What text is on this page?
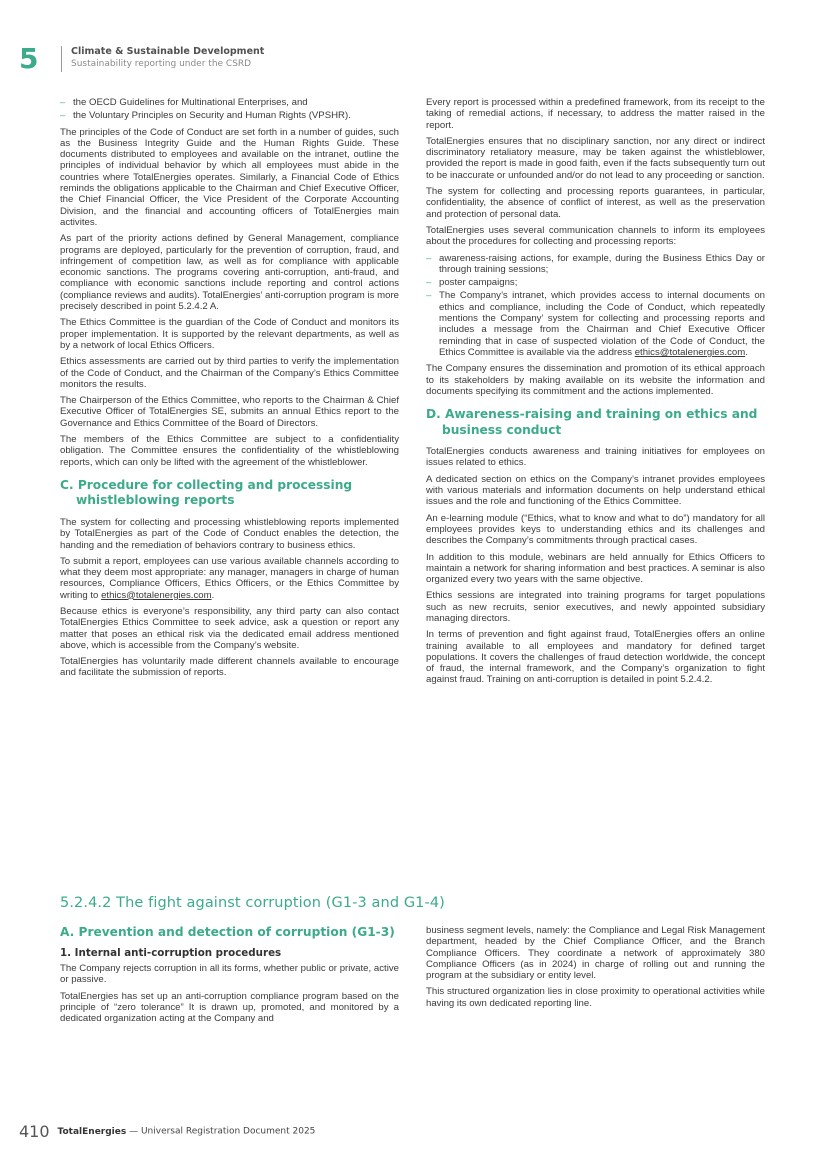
5	Climate & Sustainable Development
Sustainability reporting under the CSRD

– the OECD Guidelines for Multinational Enterprises, and

– the Voluntary Principles on Security and Human Rights (VPSHR).

The principles of the Code of Conduct are set forth in a number of guides, such as the Business Integrity Guide and the Human Rights Guide. These documents distributed to employees and available on the intranet, outline the principles of individual behavior by which all employees must abide in the countries where TotalEnergies operates. Similarly, a Financial Code of Ethics reminds the obligations applicable to the Chairman and Chief Executive Officer, the Chief Financial Officer, the Vice President of the Corporate Accounting Division, and the financial and accounting officers of TotalEnergies main activites.

As part of the priority actions defined by General Management, compliance programs are deployed, particularly for the prevention of corruption, fraud, and infringement of competition law, as well as for compliance with applicable economic sanctions. The programs covering anti-corruption, anti-fraud, and compliance with economic sanctions include reporting and control actions (compliance reviews and audits). TotalEnergies’ anti-corruption program is more precisely described in point 5.2.4.2 A.

The Ethics Committee is the guardian of the Code of Conduct and monitors its proper implementation. It is supported by the relevant departments, as well as by a network of local Ethics Officers.

Ethics assessments are carried out by third parties to verify the implementation of the Code of Conduct, and the Chairman of the Company’s Ethics Committee monitors the results.

The Chairperson of the Ethics Committee, who reports to the Chairman & Chief Executive Officer of TotalEnergies SE, submits an annual Ethics report to the Governance and Ethics Committee of the Board of Directors.

The members of the Ethics Committee are subject to a confidentiality obligation. The Committee ensures the confidentiality of the whistleblowing reports, which can only be lifted with the agreement of the whistleblower.

C. Procedure for collecting and processing
whistleblowing reports

The system for collecting and processing whistleblowing reports implemented by TotalEnergies as part of the Code of Conduct enables the detection, the handing and the remediation of behaviors contrary to business ethics.

To submit a report, employees can use various available channels according to what they deem most appropriate: any manager, managers in charge of human resources, Compliance Officers, Ethics Officers, or the Ethics Committee by writing to ethics@totalenergies.com.

Because ethics is everyone’s responsibility, any third party can also contact TotalEnergies Ethics Committee to seek advice, ask a question or report any matter that poses an ethical risk via the dedicated email address mentioned above, which is accessible from the Company’s website.

TotalEnergies has voluntarily made different channels available to encourage and facilitate the submission of reports.

Every report is processed within a predefined framework, from its receipt to the taking of remedial actions, if necessary, to address the matter raised in the report.

TotalEnergies ensures that no disciplinary sanction, nor any direct or indirect discriminatory retaliatory measure, may be taken against the whistleblower, provided the report is made in good faith, even if the facts subsequently turn out to be inaccurate or unfounded and/or do not lead to any proceeding or sanction.

The system for collecting and processing reports guarantees, in particular, confidentiality, the absence of conflict of interest, as well as the preservation and protection of personal data.

TotalEnergies uses several communication channels to inform its employees about the procedures for collecting and processing reports:

– awareness-raising actions, for example, during the Business Ethics Day or through training sessions;

– poster campaigns;

– The Company’s intranet, which provides access to internal documents on ethics and compliance, including the Code of Conduct, which repeatedly mentions the Company’ system for collecting and processing reports and includes a message from the Chairman and Chief Executive Officer reminding that in case of suspected violation of the Code of Conduct, the Ethics Committee is available via the address ethics@totalenergies.com.

The Company ensures the dissemination and promotion of its ethical approach to its stakeholders by making available on its website the information and documents specifying its commitment and the actions implemented.

D. Awareness-raising and training on ethics and
business conduct

TotalEnergies conducts awareness and training initiatives for employees on issues related to ethics.

A dedicated section on ethics on the Company’s intranet provides employees with various materials and information documents on help understand ethical issues and the role and functioning of the Ethics Committee.

An e-learning module (“Ethics, what to know and what to do”) mandatory for all employees provides keys to understanding ethics and its challenges and describes the Company’s commitments through practical cases.

In addition to this module, webinars are held annually for Ethics Officers to maintain a network for sharing information and best practices. A seminar is also organized every two years with the same objective.

Ethics sessions are integrated into training programs for target populations such as new recruits, senior executives, and newly appointed subsidiary managing directors.

In terms of prevention and fight against fraud, TotalEnergies offers an online training available to all employees and mandatory for defined target populations. It covers the challenges of fraud detection worldwide, the concept of fraud, the internal framework, and the Company’s organization to fight against fraud. Training on anti-corruption is detailed in point 5.2.4.2.

5.2.4.2 The fight against corruption (G1-3 and G1-4)
A. Prevention and detection of corruption (G1-3)
1. Internal anti-corruption procedures

The Company rejects corruption in all its forms, whether public or private, active or passive.

TotalEnergies has set up an anti-corruption compliance program based on the principle of “zero tolerance” It is drawn up, promoted, and monitored by a dedicated organization acting at the Company and

business segment levels, namely: the Compliance and Legal Risk Management department, headed by the Chief Compliance Officer, and the Branch Compliance Officers. They coordinate a network of approximately 380 Compliance Officers (as in 2024) in charge of rolling out and running the program at the subsidiary or entity level.

This structured organization lies in close proximity to operational activities while having its own dedicated reporting line.

410 TotalEnergies — Universal Registration Document 2025
